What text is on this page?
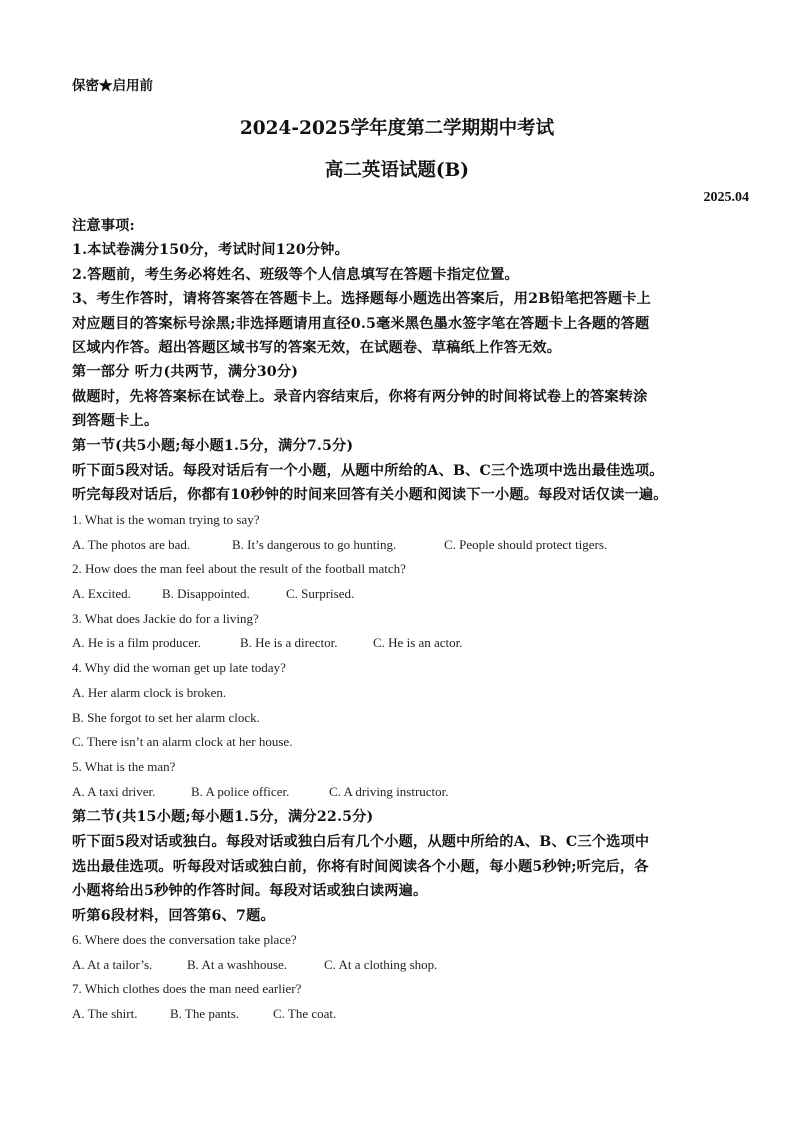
保密★启用前
2024-2025学年度第二学期期中考试
高二英语试题(B)
2025.04
注意事项:
1.本试卷满分150分，考试时间120分钟。
2.答题前，考生务必将姓名、班级等个人信息填写在答题卡指定位置。
3、考生作答时，请将答案答在答题卡上。选择题每小题选出答案后，用2B铅笔把答题卡上
对应题目的答案标号涂黑;非选择题请用直径0.5毫米黑色墨水签字笔在答题卡上各题的答题
区域内作答。超出答题区域书写的答案无效，在试题卷、草稿纸上作答无效。
第一部分 听力(共两节，满分30分)
做题时，先将答案标在试卷上。录音内容结束后，你将有两分钟的时间将试卷上的答案转涂
到答题卡上。
第一节(共5小题;每小题1.5分，满分7.5分)
听下面5段对话。每段对话后有一个小题，从题中所给的A、B、C三个选项中选出最佳选项。
听完每段对话后，你都有10秒钟的时间来回答有关小题和阅读下一小题。每段对话仅读一遍。
1. What is the woman trying to say?
A. The photos are bad.	B. It’s dangerous to go hunting.	C. People should protect tigers.
2. How does the man feel about the result of the football match?
A. Excited. B. Disappointed.	C. Surprised.
3. What does Jackie do for a living?
A. He is a film producer.	B. He is a director.	C. He is an actor.
4. Why did the woman get up late today?
A. Her alarm clock is broken.
B. She forgot to set her alarm clock.
C. There isn’t an alarm clock at her house.
5. What is the man?
A. A taxi driver.	B. A police officer.	C. A driving instructor.
第二节(共15小题;每小题1.5分，满分22.5分)
听下面5段对话或独白。每段对话或独白后有几个小题，从题中所给的A、B、C三个选项中
选出最佳选项。听每段对话或独白前，你将有时间阅读各个小题，每小题5秒钟;听完后，各
小题将给出5秒钟的作答时间。每段对话或独白读两遍。
听第6段材料，回答第6、7题。
6. Where does the conversation take place?
A. At a tailor’s.	B. At a washhouse.	C. At a clothing shop.
7. Which clothes does the man need earlier?
A. The shirt.	B. The pants.	C. The coat.
